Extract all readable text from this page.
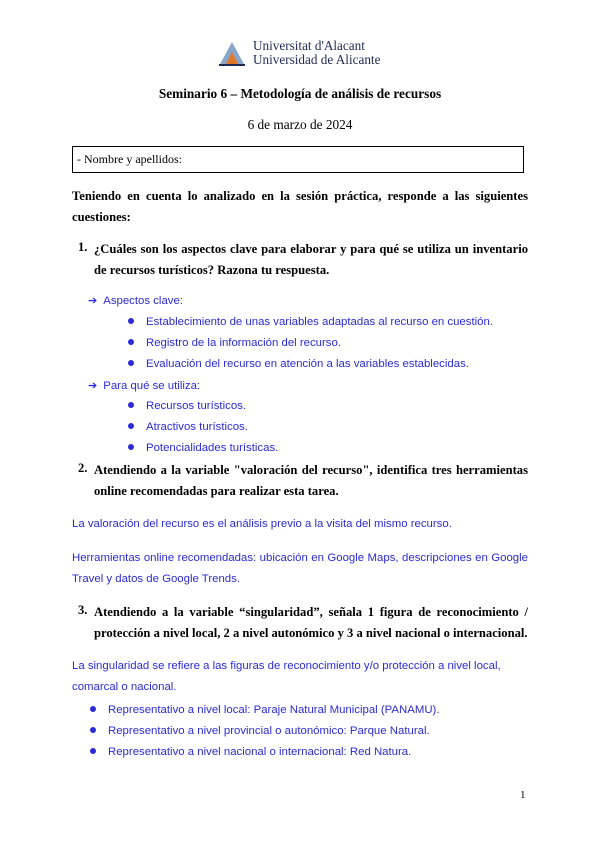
Universitat d'Alacant
Universidad de Alicante
Seminario 6 – Metodología de análisis de recursos
6 de marzo de 2024
- Nombre y apellidos:
Teniendo en cuenta lo analizado en la sesión práctica, responde a las siguientes cuestiones:
1. ¿Cuáles son los aspectos clave para elaborar y para qué se utiliza un inventario de recursos turísticos? Razona tu respuesta.
➔ Aspectos clave:
Establecimiento de unas variables adaptadas al recurso en cuestión.
Registro de la información del recurso.
Evaluación del recurso en atención a las variables establecidas.
➔ Para qué se utiliza:
Recursos turísticos.
Atractivos turísticos.
Potencialidades turísticas.
2. Atendiendo a la variable "valoración del recurso", identifica tres herramientas online recomendadas para realizar esta tarea.
La valoración del recurso es el análisis previo a la visita del mismo recurso.
Herramientas online recomendadas: ubicación en Google Maps, descripciones en Google Travel y datos de Google Trends.
3. Atendiendo a la variable “singularidad”, señala 1 figura de reconocimiento / protección a nivel local, 2 a nivel autonómico y 3 a nivel nacional o internacional.
La singularidad se refiere a las figuras de reconocimiento y/o protección a nivel local,
comarcal o nacional.
Representativo a nivel local: Paraje Natural Municipal (PANAMU).
Representativo a nivel provincial o autonómico: Parque Natural.
Representativo a nivel nacional o internacional: Red Natura.
1
